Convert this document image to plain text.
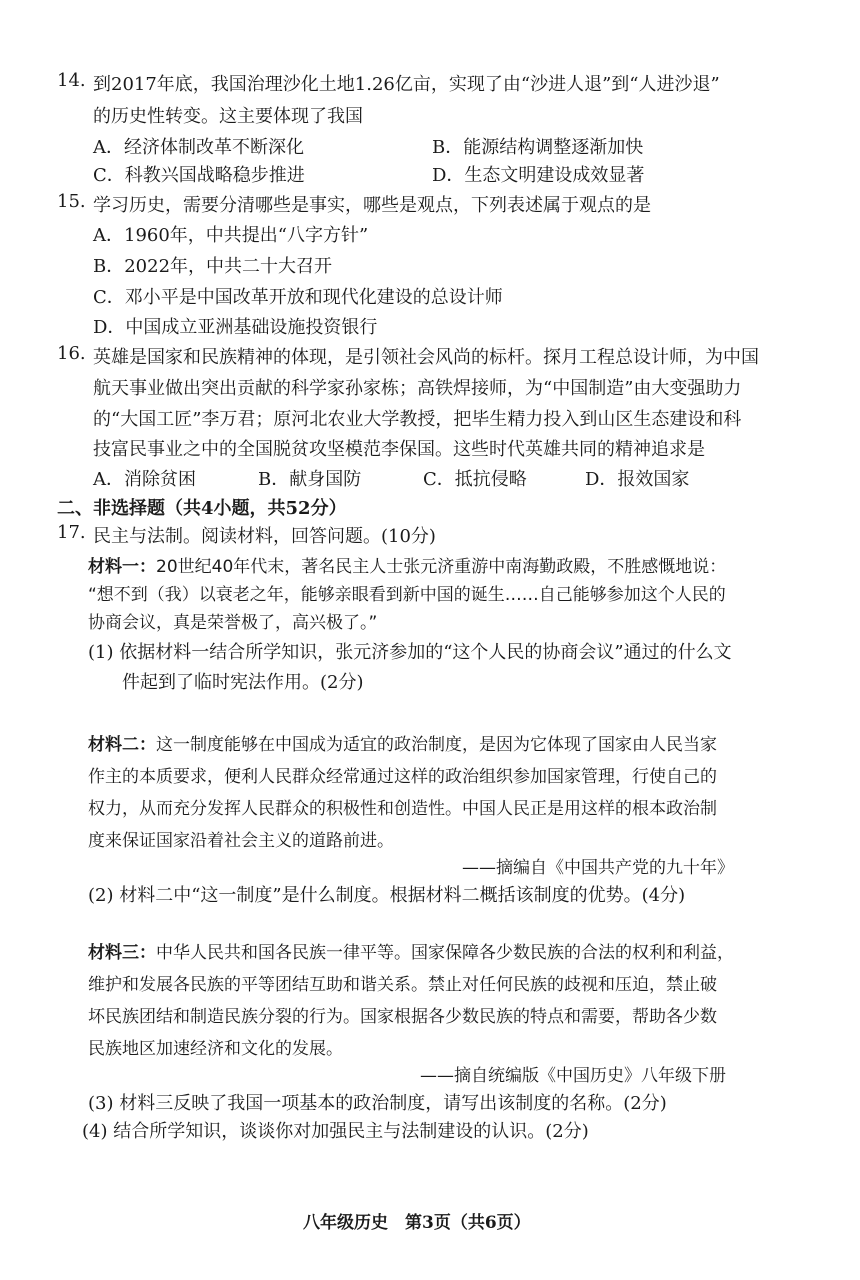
14. 到2017年底，我国治理沙化土地1.26亿亩，实现了由“沙进人退”到“人进沙退”
的历史性转变。这主要体现了我国
A．经济体制改革不断深化	B．能源结构调整逐渐加快
C．科教兴国战略稳步推进	D．生态文明建设成效显著
15. 学习历史，需要分清哪些是事实，哪些是观点，下列表述属于观点的是
A．1960年，中共提出“八字方针”
B．2022年，中共二十大召开
C．邓小平是中国改革开放和现代化建设的总设计师
D．中国成立亚洲基础设施投资银行
16. 英雄是国家和民族精神的体现，是引领社会风尚的标杆。探月工程总设计师，为中国
航天事业做出突出贡献的科学家孙家栋；高铁焊接师，为“中国制造”由大变强助力
的“大国工匠”李万君；原河北农业大学教授，把毕生精力投入到山区生态建设和科
技富民事业之中的全国脱贫攻坚模范李保国。这些时代英雄共同的精神追求是
A．消除贫困	B．献身国防	C．抵抗侵略	D．报效国家
二、非选择题（共4小题，共52分）
17. 民主与法制。阅读材料，回答问题。(10分)
材料一：20世纪40年代末，著名民主人士张元济重游中南海勤政殿，不胜感慨地说：
“想不到（我）以衰老之年，能够亲眼看到新中国的诞生……自己能够参加这个人民的
协商会议，真是荣誉极了，高兴极了。”
(1) 依据材料一结合所学知识，张元济参加的“这个人民的协商会议”通过的什么文
件起到了临时宪法作用。(2分)
材料二：这一制度能够在中国成为适宜的政治制度，是因为它体现了国家由人民当家
作主的本质要求，便利人民群众经常通过这样的政治组织参加国家管理，行使自己的
权力，从而充分发挥人民群众的积极性和创造性。中国人民正是用这样的根本政治制
度来保证国家沿着社会主义的道路前进。
——摘编自《中国共产党的九十年》
(2) 材料二中“这一制度”是什么制度。根据材料二概括该制度的优势。(4分)
材料三：中华人民共和国各民族一律平等。国家保障各少数民族的合法的权利和利益，
维护和发展各民族的平等团结互助和谐关系。禁止对任何民族的歧视和压迫，禁止破
坏民族团结和制造民族分裂的行为。国家根据各少数民族的特点和需要，帮助各少数
民族地区加速经济和文化的发展。
——摘自统编版《中国历史》八年级下册
(3) 材料三反映了我国一项基本的政治制度，请写出该制度的名称。(2分)
(4) 结合所学知识，谈谈你对加强民主与法制建设的认识。(2分)
八年级历史　第3页（共6页）
